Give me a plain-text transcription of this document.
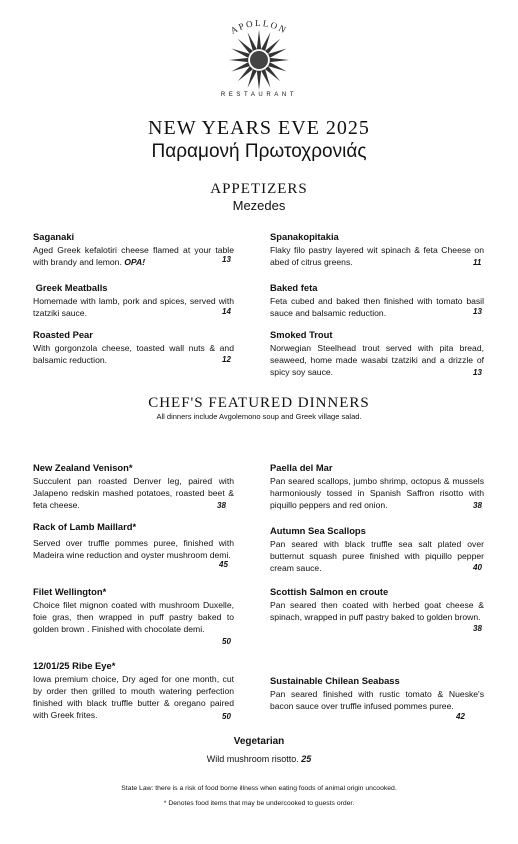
APOLLON
RESTAURANT
NEW YEARS EVE 2025
Παραμονή Πρωτοχρονιάς
APPETIZERS
Mezedes
Saganaki
Aged Greek kefalotiri cheese flamed at your table with brandy and lemon. OPA!	13
Greek Meatballs
Homemade with lamb, pork and spices, served with tzatziki sauce.	14
Roasted Pear
With gorgonzola cheese, toasted wall nuts & and balsamic reduction.	12
Spanakopitakia
Flaky filo pastry layered wit spinach & feta Cheese on abed of citrus greens.	11
Baked feta
Feta cubed and baked then finished with tomato basil sauce and balsamic reduction.	13
Smoked Trout
Norwegian Steelhead trout served with pita bread, seaweed, home made wasabi tzatziki and a drizzle of spicy soy sauce.	13
CHEF'S FEATURED DINNERS
All dinners include Avgolemono soup and Greek village salad.
New Zealand Venison*
Succulent pan roasted Denver leg, paired with Jalapeno redskin mashed potatoes, roasted beet & feta cheese.	38
Rack of Lamb Maillard*
Served over truffle pommes puree, finished with Madeira wine reduction and oyster mushroom demi.
45
Filet Wellington*
Choice filet mignon coated with mushroom Duxelle, foie gras, then wrapped in puff pastry baked to golden brown . Finished with chocolate demi.
50
12/01/25 Ribe Eye*
Iowa premium choice, Dry aged for one month, cut by order then grilled to mouth watering perfection finished with black truffle butter & oregano paired with Greek frites.	50
Paella del Mar
Pan seared scallops, jumbo shrimp, octopus & mussels harmoniously tossed in Spanish Saffron risotto with piquillo peppers and red onion.	38
Autumn Sea Scallops
Pan seared with black truffle sea salt plated over butternut squash puree finished with piquillo pepper cream sauce.	40
Scottish Salmon en croute
Pan seared then coated with herbed goat cheese & spinach, wrapped in puff pastry baked to golden brown.
38
Sustainable Chilean Seabass
Pan seared finished with rustic tomato & Nueske's bacon sauce over truffle infused pommes puree.
42
Vegetarian
Wild mushroom risotto. 25
State Law: there is a risk of food borne illness when eating foods of animal origin uncooked.
* Denotes food items that may be undercooked to guests order.
